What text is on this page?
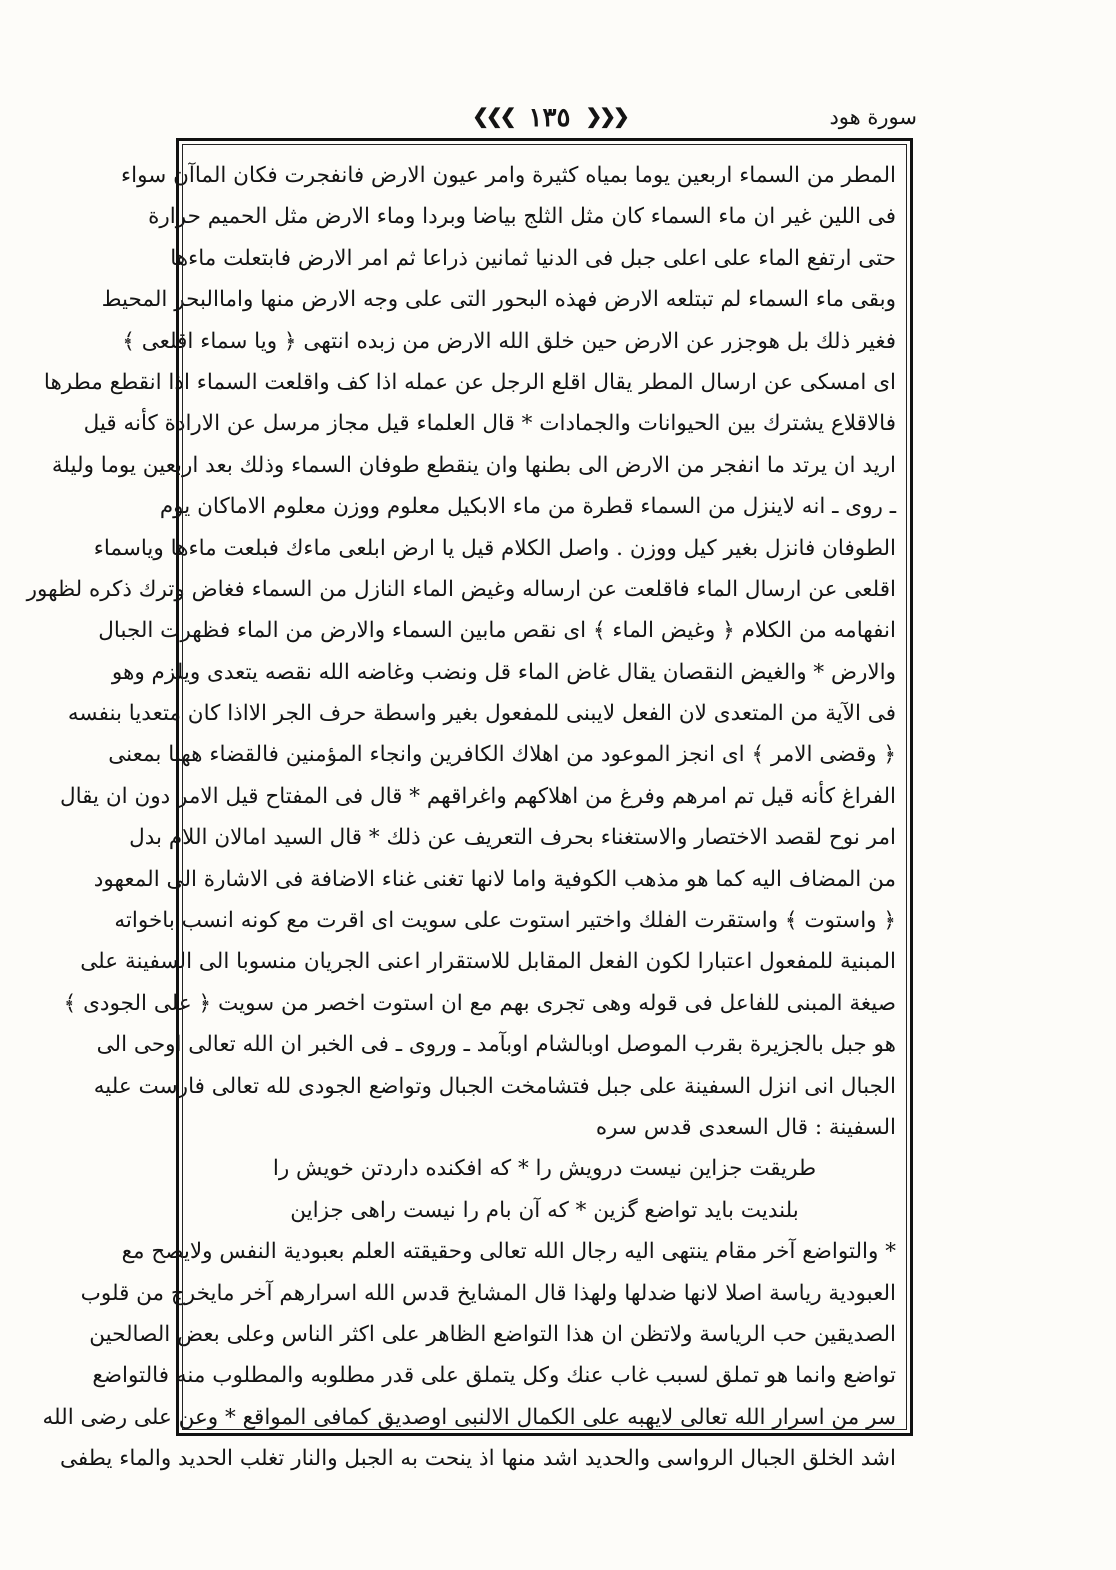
❮❮❮ ١٣٥ ❯❯❯	سورة هود
المطر من السماء اربعين يوما بمياه كثيرة وامر عيون الارض فانفجرت فكان الماآن سواء
فى اللين غير ان ماء السماء كان مثل الثلج بياضا وبردا وماء الارض مثل الحميم حرارة
حتى ارتفع الماء على اعلى جبل فى الدنيا ثمانين ذراعا ثم امر الارض فابتعلت ماءها
وبقى ماء السماء لم تبتلعه الارض فهذه البحور التى على وجه الارض منها واماالبحر المحيط
فغير ذلك بل هوجزر عن الارض حين خلق الله الارض من زبده انتهى ﴿ ويا سماء اقلعى ﴾
اى امسكى عن ارسال المطر يقال اقلع الرجل عن عمله اذا كف واقلعت السماء اذا انقطع مطرها
فالاقلاع يشترك بين الحيوانات والجمادات * قال العلماء قيل مجاز مرسل عن الارادة كأنه قيل
اريد ان يرتد ما انفجر من الارض الى بطنها وان ينقطع طوفان السماء وذلك بعد اربعين يوما وليلة
ـ روى ـ انه لاينزل من السماء قطرة من ماء الابكيل معلوم ووزن معلوم الاماكان يوم
الطوفان فانزل بغير كيل ووزن . واصل الكلام قيل يا ارض ابلعى ماءك فبلعت ماءها وياسماء
اقلعى عن ارسال الماء فاقلعت عن ارساله وغيض الماء النازل من السماء فغاض وترك ذكره لظهور
انفهامه من الكلام ﴿ وغيض الماء ﴾ اى نقص مابين السماء والارض من الماء فظهرت الجبال
والارض * والغيض النقصان يقال غاض الماء قل ونضب وغاضه الله نقصه يتعدى ويلزم وهو
فى الآية من المتعدى لان الفعل لايبنى للمفعول بغير واسطة حرف الجر الااذا كان متعديا بنفسه
﴿ وقضى الامر ﴾ اى انجز الموعود من اهلاك الكافرين وانجاء المؤمنين فالقضاء ههنا بمعنى
الفراغ كأنه قيل تم امرهم وفرغ من اهلاكهم واغراقهم * قال فى المفتاح قيل الامر دون ان يقال
امر نوح لقصد الاختصار والاستغناء بحرف التعريف عن ذلك * قال السيد امالان اللام بدل
من المضاف اليه كما هو مذهب الكوفية واما لانها تغنى غناء الاضافة فى الاشارة الى المعهود
﴿ واستوت ﴾ واستقرت الفلك واختير استوت على سويت اى اقرت مع كونه انسب باخواته
المبنية للمفعول اعتبارا لكون الفعل المقابل للاستقرار اعنى الجريان منسوبا الى السفينة على
صيغة المبنى للفاعل فى قوله وهى تجرى بهم مع ان استوت اخصر من سويت ﴿ على الجودى ﴾
هو جبل بالجزيرة بقرب الموصل اوبالشام اوبآمد ـ وروى ـ فى الخبر ان الله تعالى اوحى الى
الجبال انى انزل السفينة على جبل فتشامخت الجبال وتواضع الجودى لله تعالى فارست عليه
السفينة : قال السعدى قدس سره
طريقت جزاين نيست درويش را * كه افكنده داردتن خويش را
بلنديت بايد تواضع گزين * كه آن بام را نيست راهى جزاين
* والتواضع آخر مقام ينتهى اليه رجال الله تعالى وحقيقته العلم بعبودية النفس ولايصح مع
العبودية رياسة اصلا لانها ضدلها ولهذا قال المشايخ قدس الله اسرارهم آخر مايخرج من قلوب
الصديقين حب الرياسة ولاتظن ان هذا التواضع الظاهر على اكثر الناس وعلى بعض الصالحين
تواضع وانما هو تملق لسبب غاب عنك وكل يتملق على قدر مطلوبه والمطلوب منه فالتواضع
سر من اسرار الله تعالى لايهبه على الكمال الالنبى اوصديق كمافى المواقع * وعن على رضى الله
اشد الخلق الجبال الرواسى والحديد اشد منها اذ ينحت به الجبل والنار تغلب الحديد والماء يطفى
